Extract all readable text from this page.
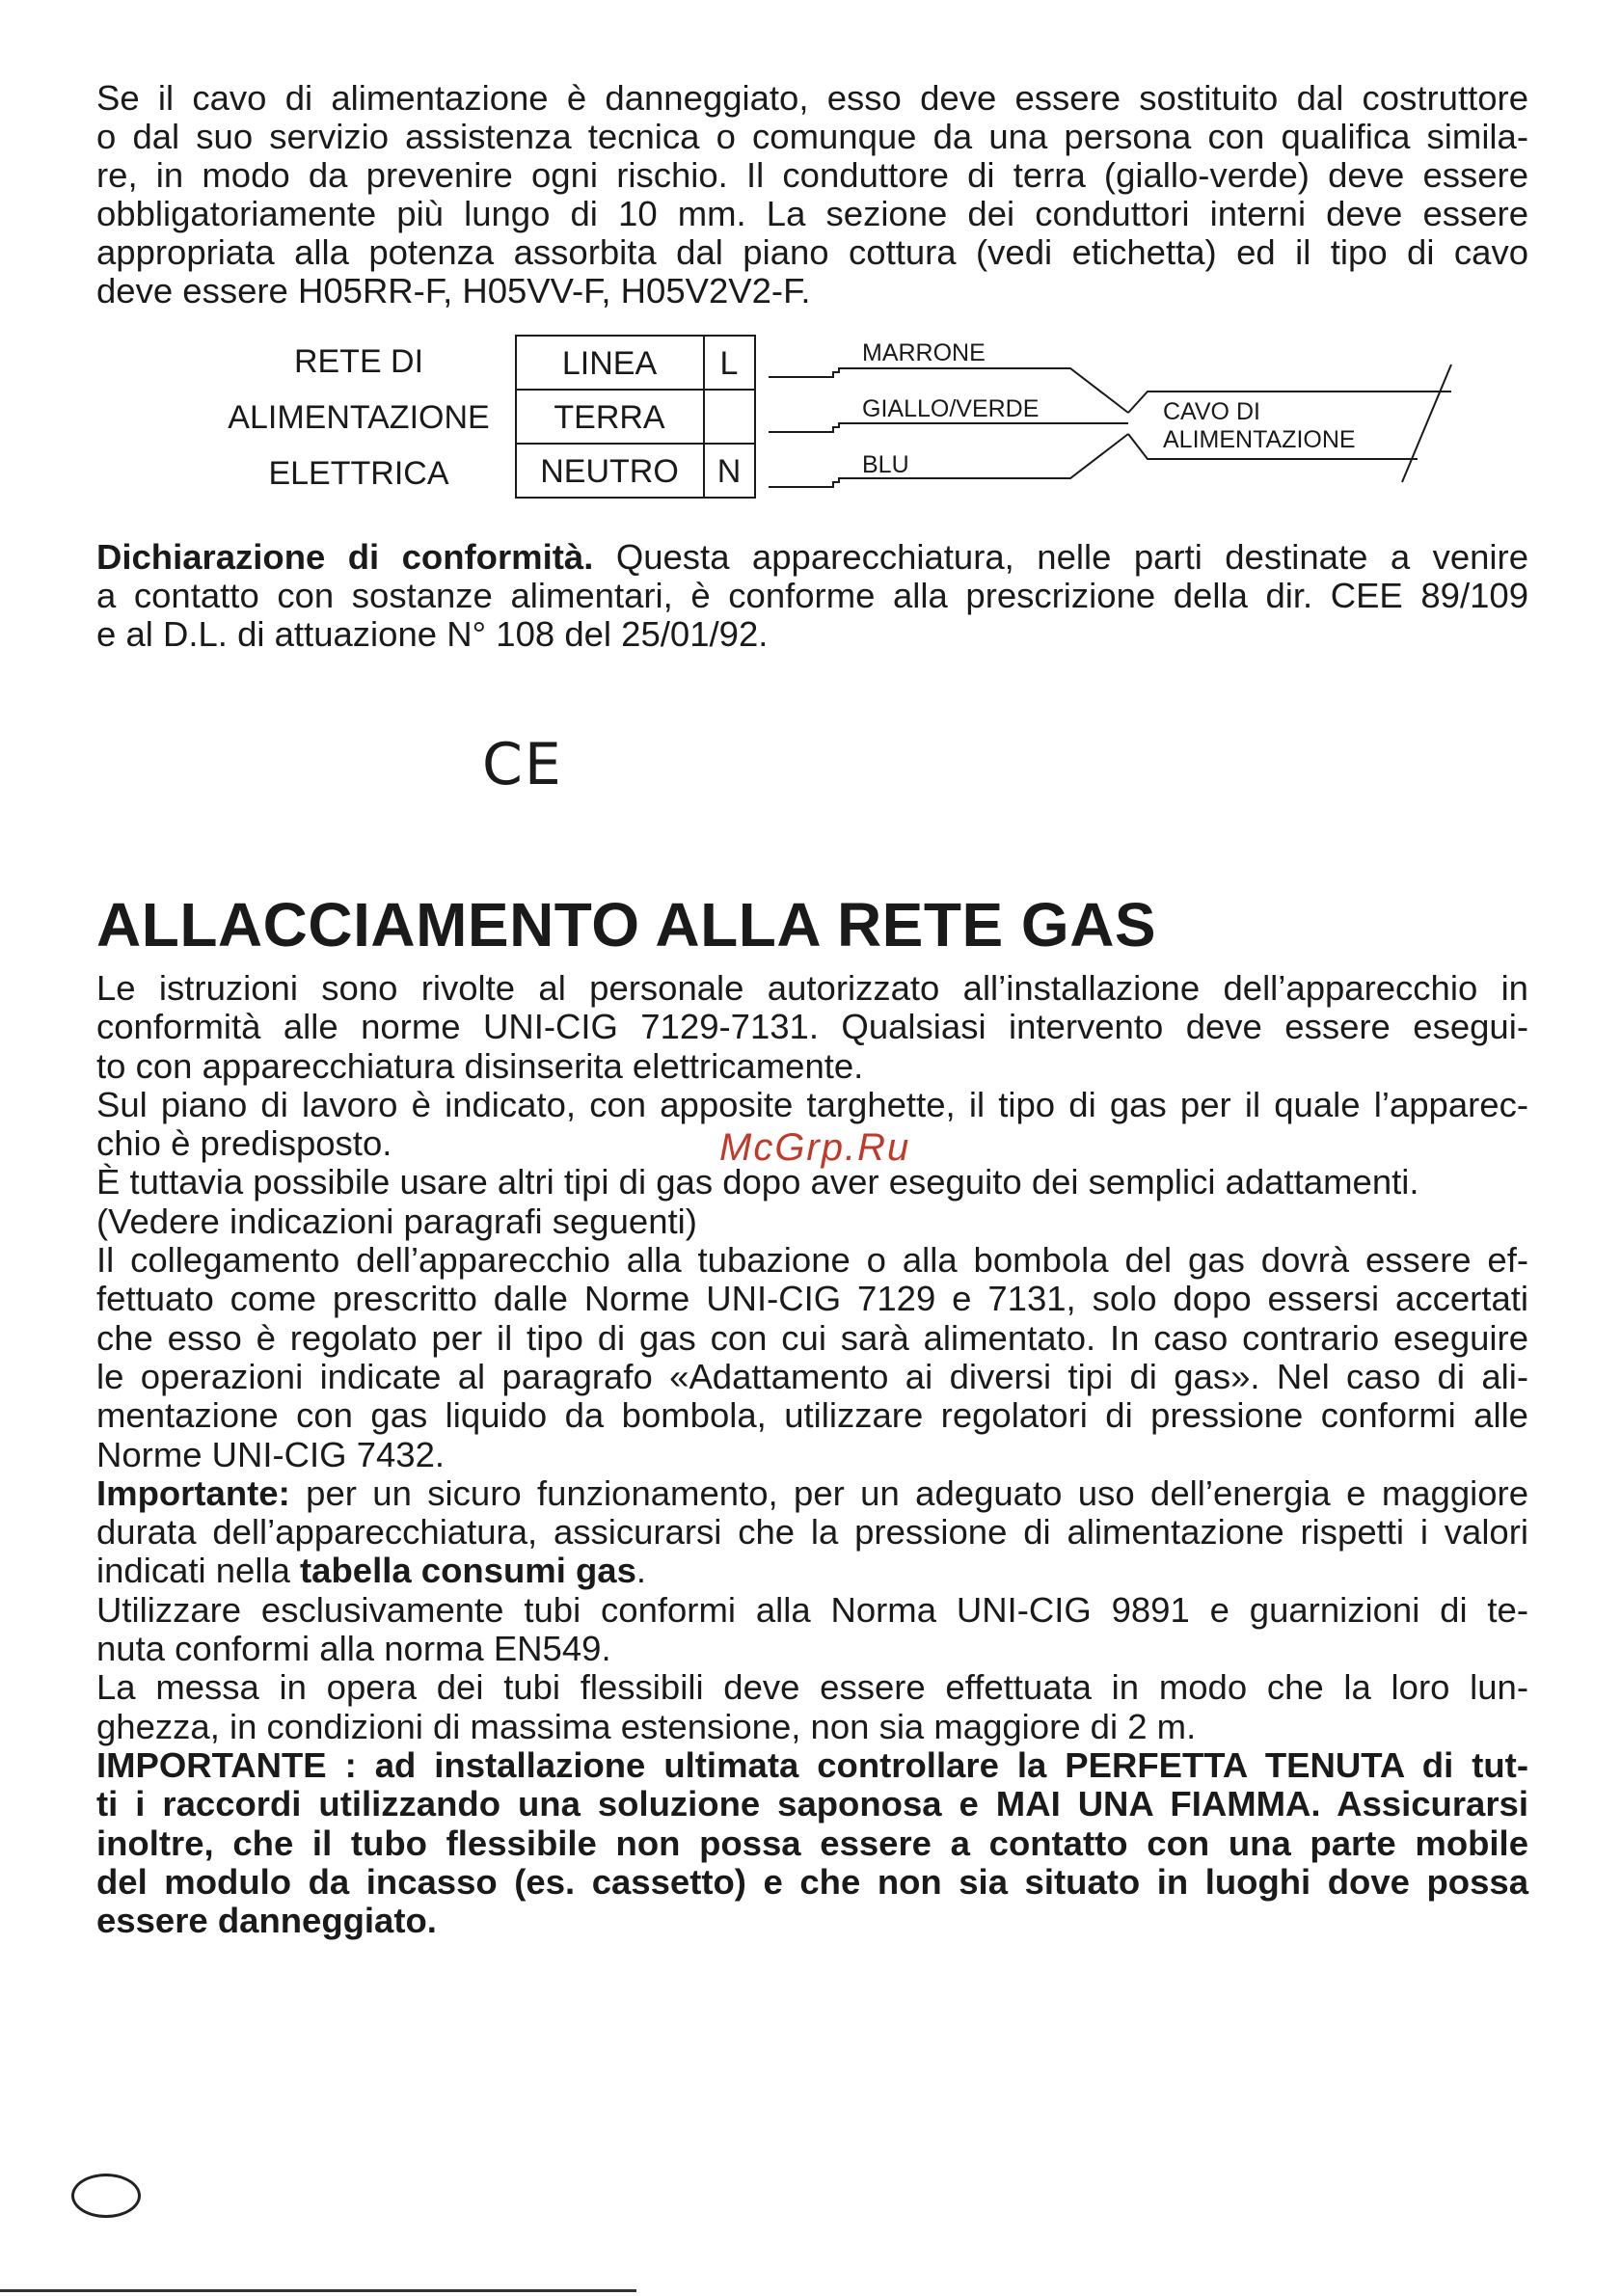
Se il cavo di alimentazione è danneggiato, esso deve essere sostituito dal costruttore
o dal suo servizio assistenza tecnica o comunque da una persona con qualifica simila-
re, in modo da prevenire ogni rischio. Il conduttore di terra (giallo-verde) deve essere
obbligatoriamente più lungo di 10 mm. La sezione dei conduttori interni deve essere
appropriata alla potenza assorbita dal piano cottura (vedi etichetta) ed il tipo di cavo
deve essere H05RR-F, H05VV-F, H05V2V2-F.
RETE DI
ALIMENTAZIONE
ELETTRICA
LINEA
TERRA
NEUTRO
L
N
MARRONE
GIALLO/VERDE
BLU
CAVO DI
ALIMENTAZIONE
Dichiarazione di conformità. Questa apparecchiatura, nelle parti destinate a venire
a contatto con sostanze alimentari, è conforme alla prescrizione della dir. CEE 89/109
e al D.L. di attuazione N° 108 del 25/01/92.
CE
ALLACCIAMENTO ALLA RETE GAS
Le istruzioni sono rivolte al personale autorizzato all’installazione dell’apparecchio in
conformità alle norme UNI-CIG 7129-7131. Qualsiasi intervento deve essere esegui-
to con apparecchiatura disinserita elettricamente.
Sul piano di lavoro è indicato, con apposite targhette, il tipo di gas per il quale l’apparec-
chio è predisposto.
È tuttavia possibile usare altri tipi di gas dopo aver eseguito dei semplici adattamenti.
(Vedere indicazioni paragrafi seguenti)
Il collegamento dell’apparecchio alla tubazione o alla bombola del gas dovrà essere ef-
fettuato come prescritto dalle Norme UNI-CIG 7129 e 7131, solo dopo essersi accertati
che esso è regolato per il tipo di gas con cui sarà alimentato. In caso contrario eseguire
le operazioni indicate al paragrafo «Adattamento ai diversi tipi di gas». Nel caso di ali-
mentazione con gas liquido da bombola, utilizzare regolatori di pressione conformi alle
Norme UNI-CIG 7432.
Importante: per un sicuro funzionamento, per un adeguato uso dell’energia e maggiore
durata dell’apparecchiatura, assicurarsi che la pressione di alimentazione rispetti i valori
indicati nella tabella consumi gas.
Utilizzare esclusivamente tubi conformi alla Norma UNI-CIG 9891 e guarnizioni di te-
nuta conformi alla norma EN549.
La messa in opera dei tubi flessibili deve essere effettuata in modo che la loro lun-
ghezza, in condizioni di massima estensione, non sia maggiore di 2 m.
IMPORTANTE : ad installazione ultimata controllare la PERFETTA TENUTA di tut-
ti i raccordi utilizzando una soluzione saponosa e MAI UNA FIAMMA. Assicurarsi
inoltre, che il tubo flessibile non possa essere a contatto con una parte mobile
del modulo da incasso (es. cassetto) e che non sia situato in luoghi dove possa
essere danneggiato.
McGrp.Ru
